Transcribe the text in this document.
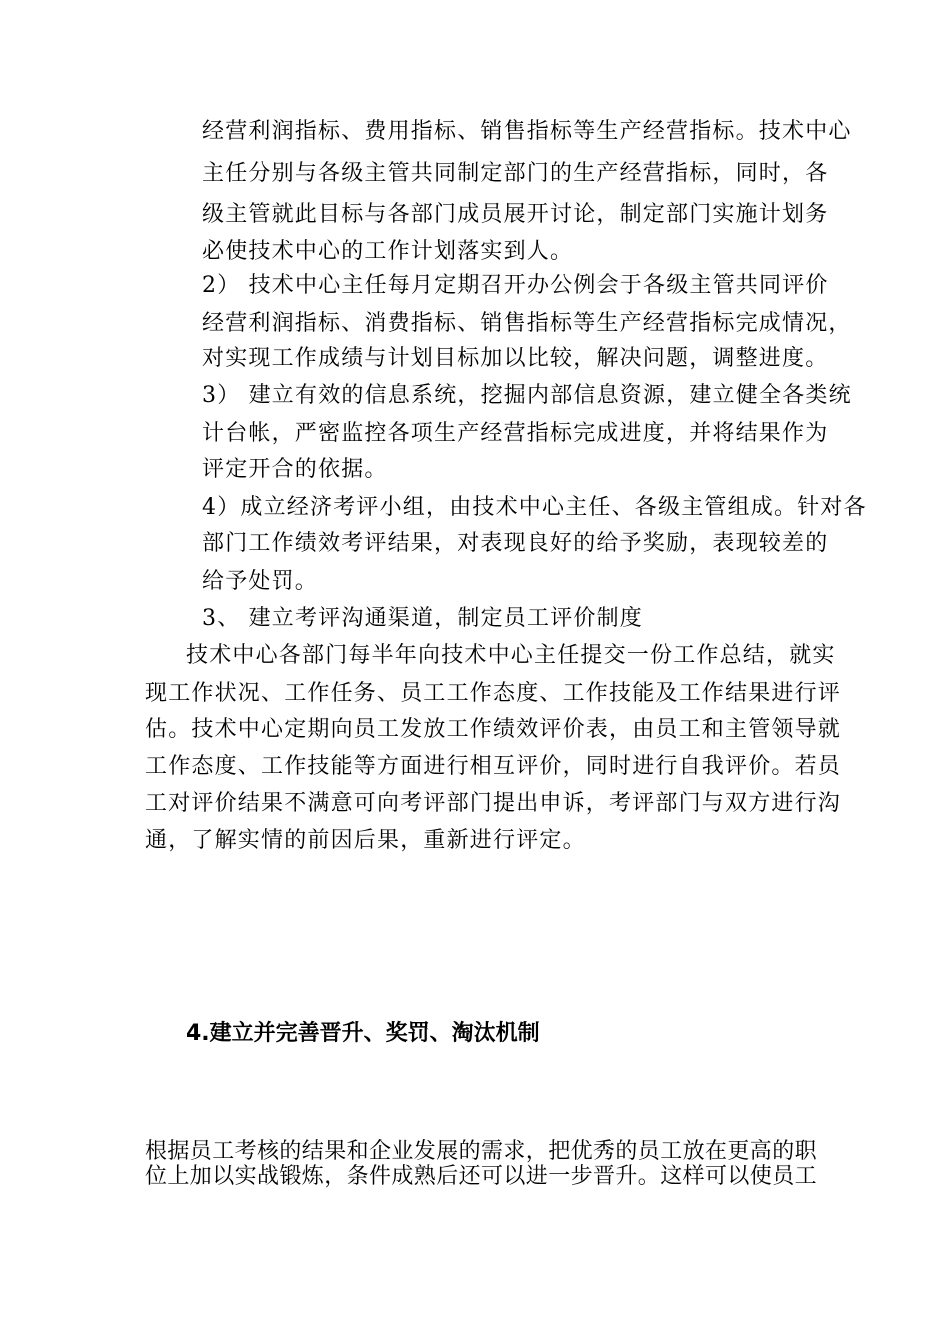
经营利润指标、费用指标、销售指标等生产经营指标。技术中心
主任分别与各级主管共同制定部门的生产经营指标，同时，各
级主管就此目标与各部门成员展开讨论，制定部门实施计划务
必使技术中心的工作计划落实到人。
2） 技术中心主任每月定期召开办公例会于各级主管共同评价
经营利润指标、消费指标、销售指标等生产经营指标完成情况，
对实现工作成绩与计划目标加以比较，解决问题，调整进度。
3） 建立有效的信息系统，挖掘内部信息资源，建立健全各类统
计台帐，严密监控各项生产经营指标完成进度，并将结果作为
评定开合的依据。
4）成立经济考评小组，由技术中心主任、各级主管组成。针对各
部门工作绩效考评结果，对表现良好的给予奖励，表现较差的
给予处罚。
3、 建立考评沟通渠道，制定员工评价制度
技术中心各部门每半年向技术中心主任提交一份工作总结，就实
现工作状况、工作任务、员工工作态度、工作技能及工作结果进行评
估。技术中心定期向员工发放工作绩效评价表，由员工和主管领导就
工作态度、工作技能等方面进行相互评价，同时进行自我评价。若员
工对评价结果不满意可向考评部门提出申诉，考评部门与双方进行沟
通，了解实情的前因后果，重新进行评定。
4.建立并完善晋升、奖罚、淘汰机制
根据员工考核的结果和企业发展的需求，把优秀的员工放在更高的职
位上加以实战锻炼，条件成熟后还可以进一步晋升。这样可以使员工
